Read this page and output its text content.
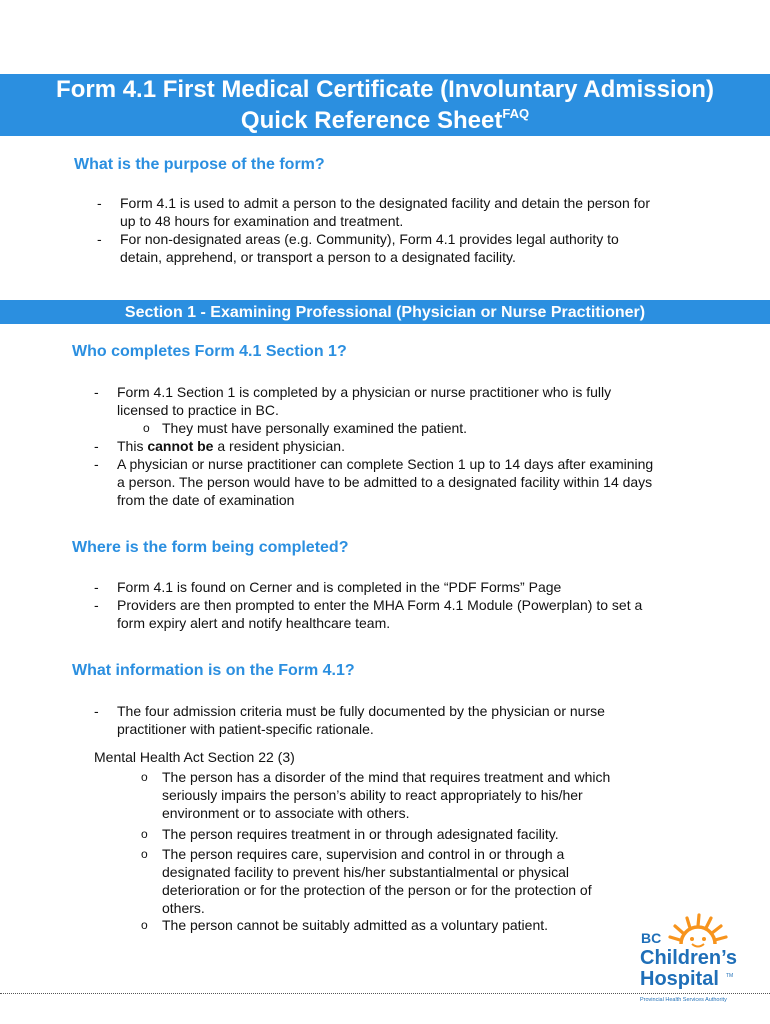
Form 4.1 First Medical Certificate (Involuntary Admission)
Quick Reference Sheet$^{FAQ}$
What is the purpose of the form?
- Form 4.1 is used to admit a person to the designated facility and detain the person for
up to 48 hours for examination and treatment.
- For non-designated areas (e.g. Community), Form 4.1 provides legal authority to
detain, apprehend, or transport a person to a designated facility.
Section 1 - Examining Professional (Physician or Nurse Practitioner)
Who completes Form 4.1 Section 1?
- Form 4.1 Section 1 is completed by a physician or nurse practitioner who is fully
licensed to practice in BC.
o They must have personally examined the patient.
- This cannot be a resident physician.
- A physician or nurse practitioner can complete Section 1 up to 14 days after examining
a person. The person would have to be admitted to a designated facility within 14 days
from the date of examination
Where is the form being completed?
- Form 4.1 is found on Cerner and is completed in the “PDF Forms” Page
- Providers are then prompted to enter the MHA Form 4.1 Module (Powerplan) to set a
form expiry alert and notify healthcare team.
What information is on the Form 4.1?
- The four admission criteria must be fully documented by the physician or nurse
practitioner with patient-specific rationale.
Mental Health Act Section 22 (3)
o The person has a disorder of the mind that requires treatment and which
seriously impairs the person’s ability to react appropriately to his/her
environment or to associate with others.
o The person requires treatment in or through adesignated facility.
o The person requires care, supervision and control in or through a
designated facility to prevent his/her substantialmental or physical
deterioration or for the protection of the person or for the protection of
others.
o The person cannot be suitably admitted as a voluntary patient.
BC
Children’s
Hospital TM
Provincial Health Services Authority
